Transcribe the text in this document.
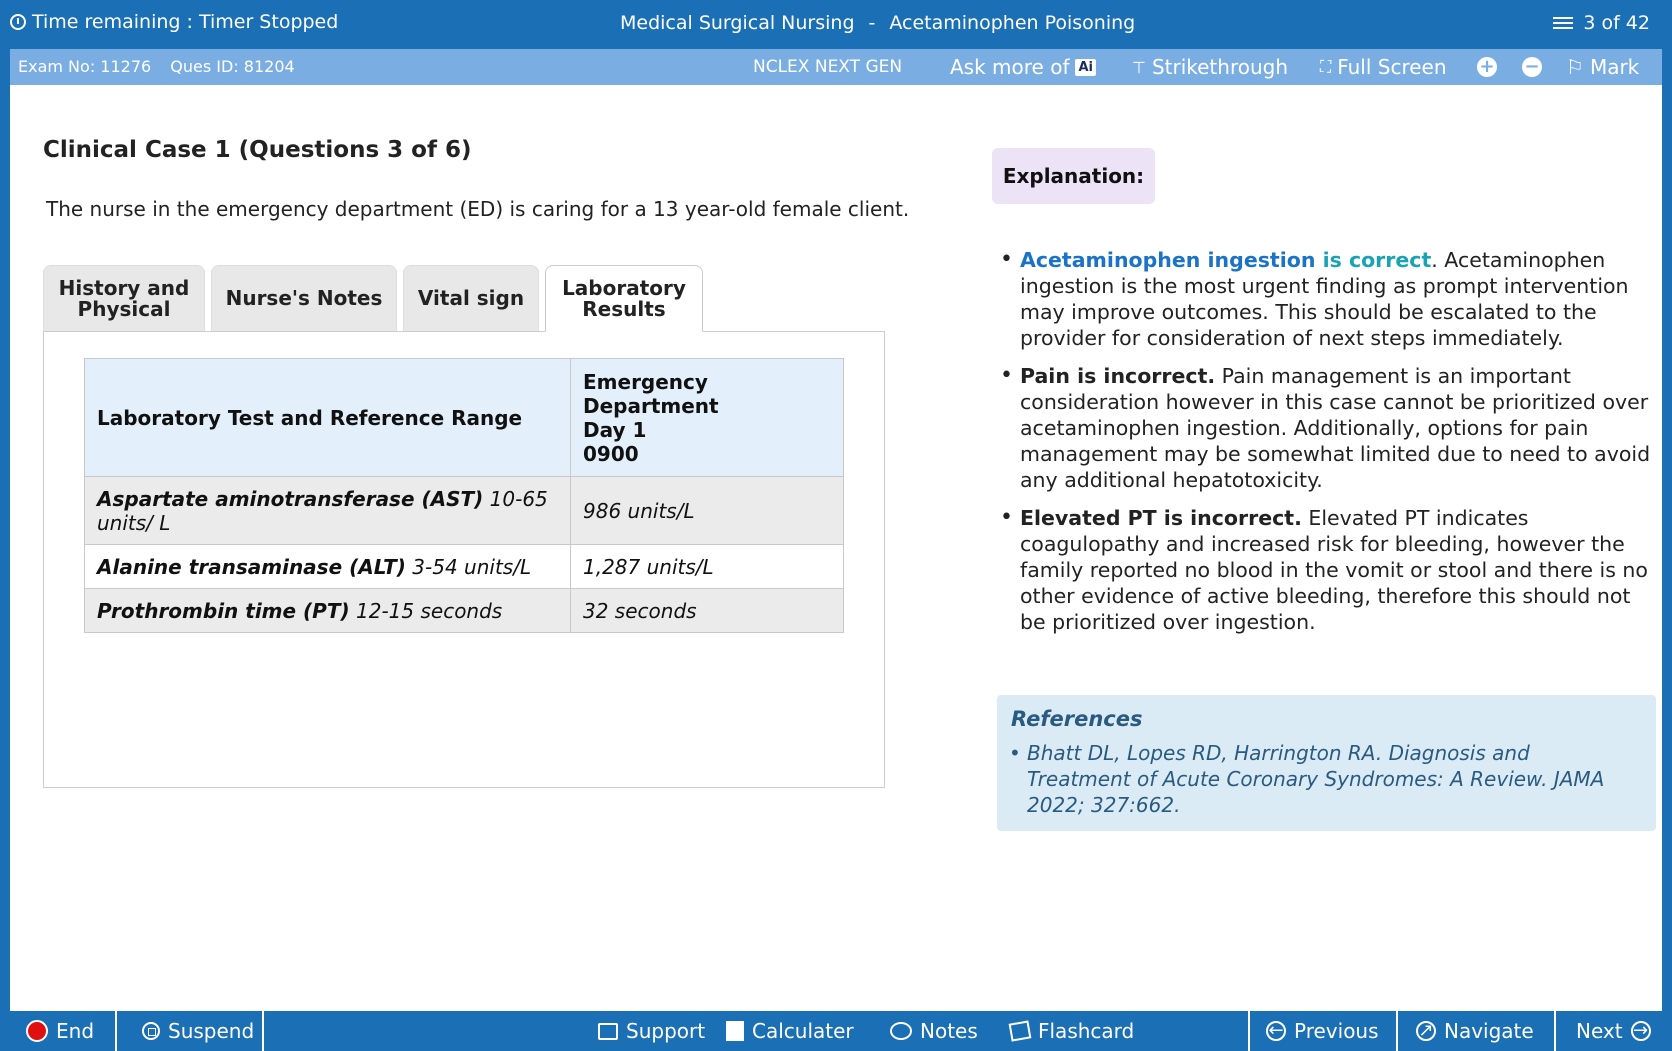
Time remaining : Timer Stopped	Medical Surgical Nursing - Acetaminophen Poisoning	3 of 42
Exam No: 11276 Ques ID: 81204	NCLEX NEXT GEN Ask more of Ai ⊤ Strikethrough ⛶ Full Screen + − ⚐ Mark
Clinical Case 1 (Questions 3 of 6)
The nurse in the emergency department (ED) is caring for a 13 year-old female client.
History and
Physical	Nurse's Notes Vital sign Laboratory
Results
Laboratory Test and Reference Range	Emergency
Department
Day 1
0900
Aspartate aminotransferase (AST) 10-65 units/ L	986 units/L
Alanine transaminase (ALT) 3-54 units/L	1,287 units/L
Prothrombin time (PT) 12-15 seconds	32 seconds
Explanation:
• Acetaminophen ingestion is correct. Acetaminophen ingestion is the most urgent finding as prompt intervention may improve outcomes. This should be escalated to the provider for consideration of next steps immediately.
• Pain is incorrect. Pain management is an important consideration however in this case cannot be prioritized over acetaminophen ingestion. Additionally, options for pain management may be somewhat limited due to need to avoid any additional hepatotoxicity.
• Elevated PT is incorrect. Elevated PT indicates coagulopathy and increased risk for bleeding, however the family reported no blood in the vomit or stool and there is no other evidence of active bleeding, therefore this should not be prioritized over ingestion.
References
• Bhatt DL, Lopes RD, Harrington RA. Diagnosis and Treatment of Acute Coronary Syndromes: A Review. JAMA 2022; 327:662.
End	Suspend	Support Calculater	Notes	Flashcard	← Previous ↗ Navigate Next →
